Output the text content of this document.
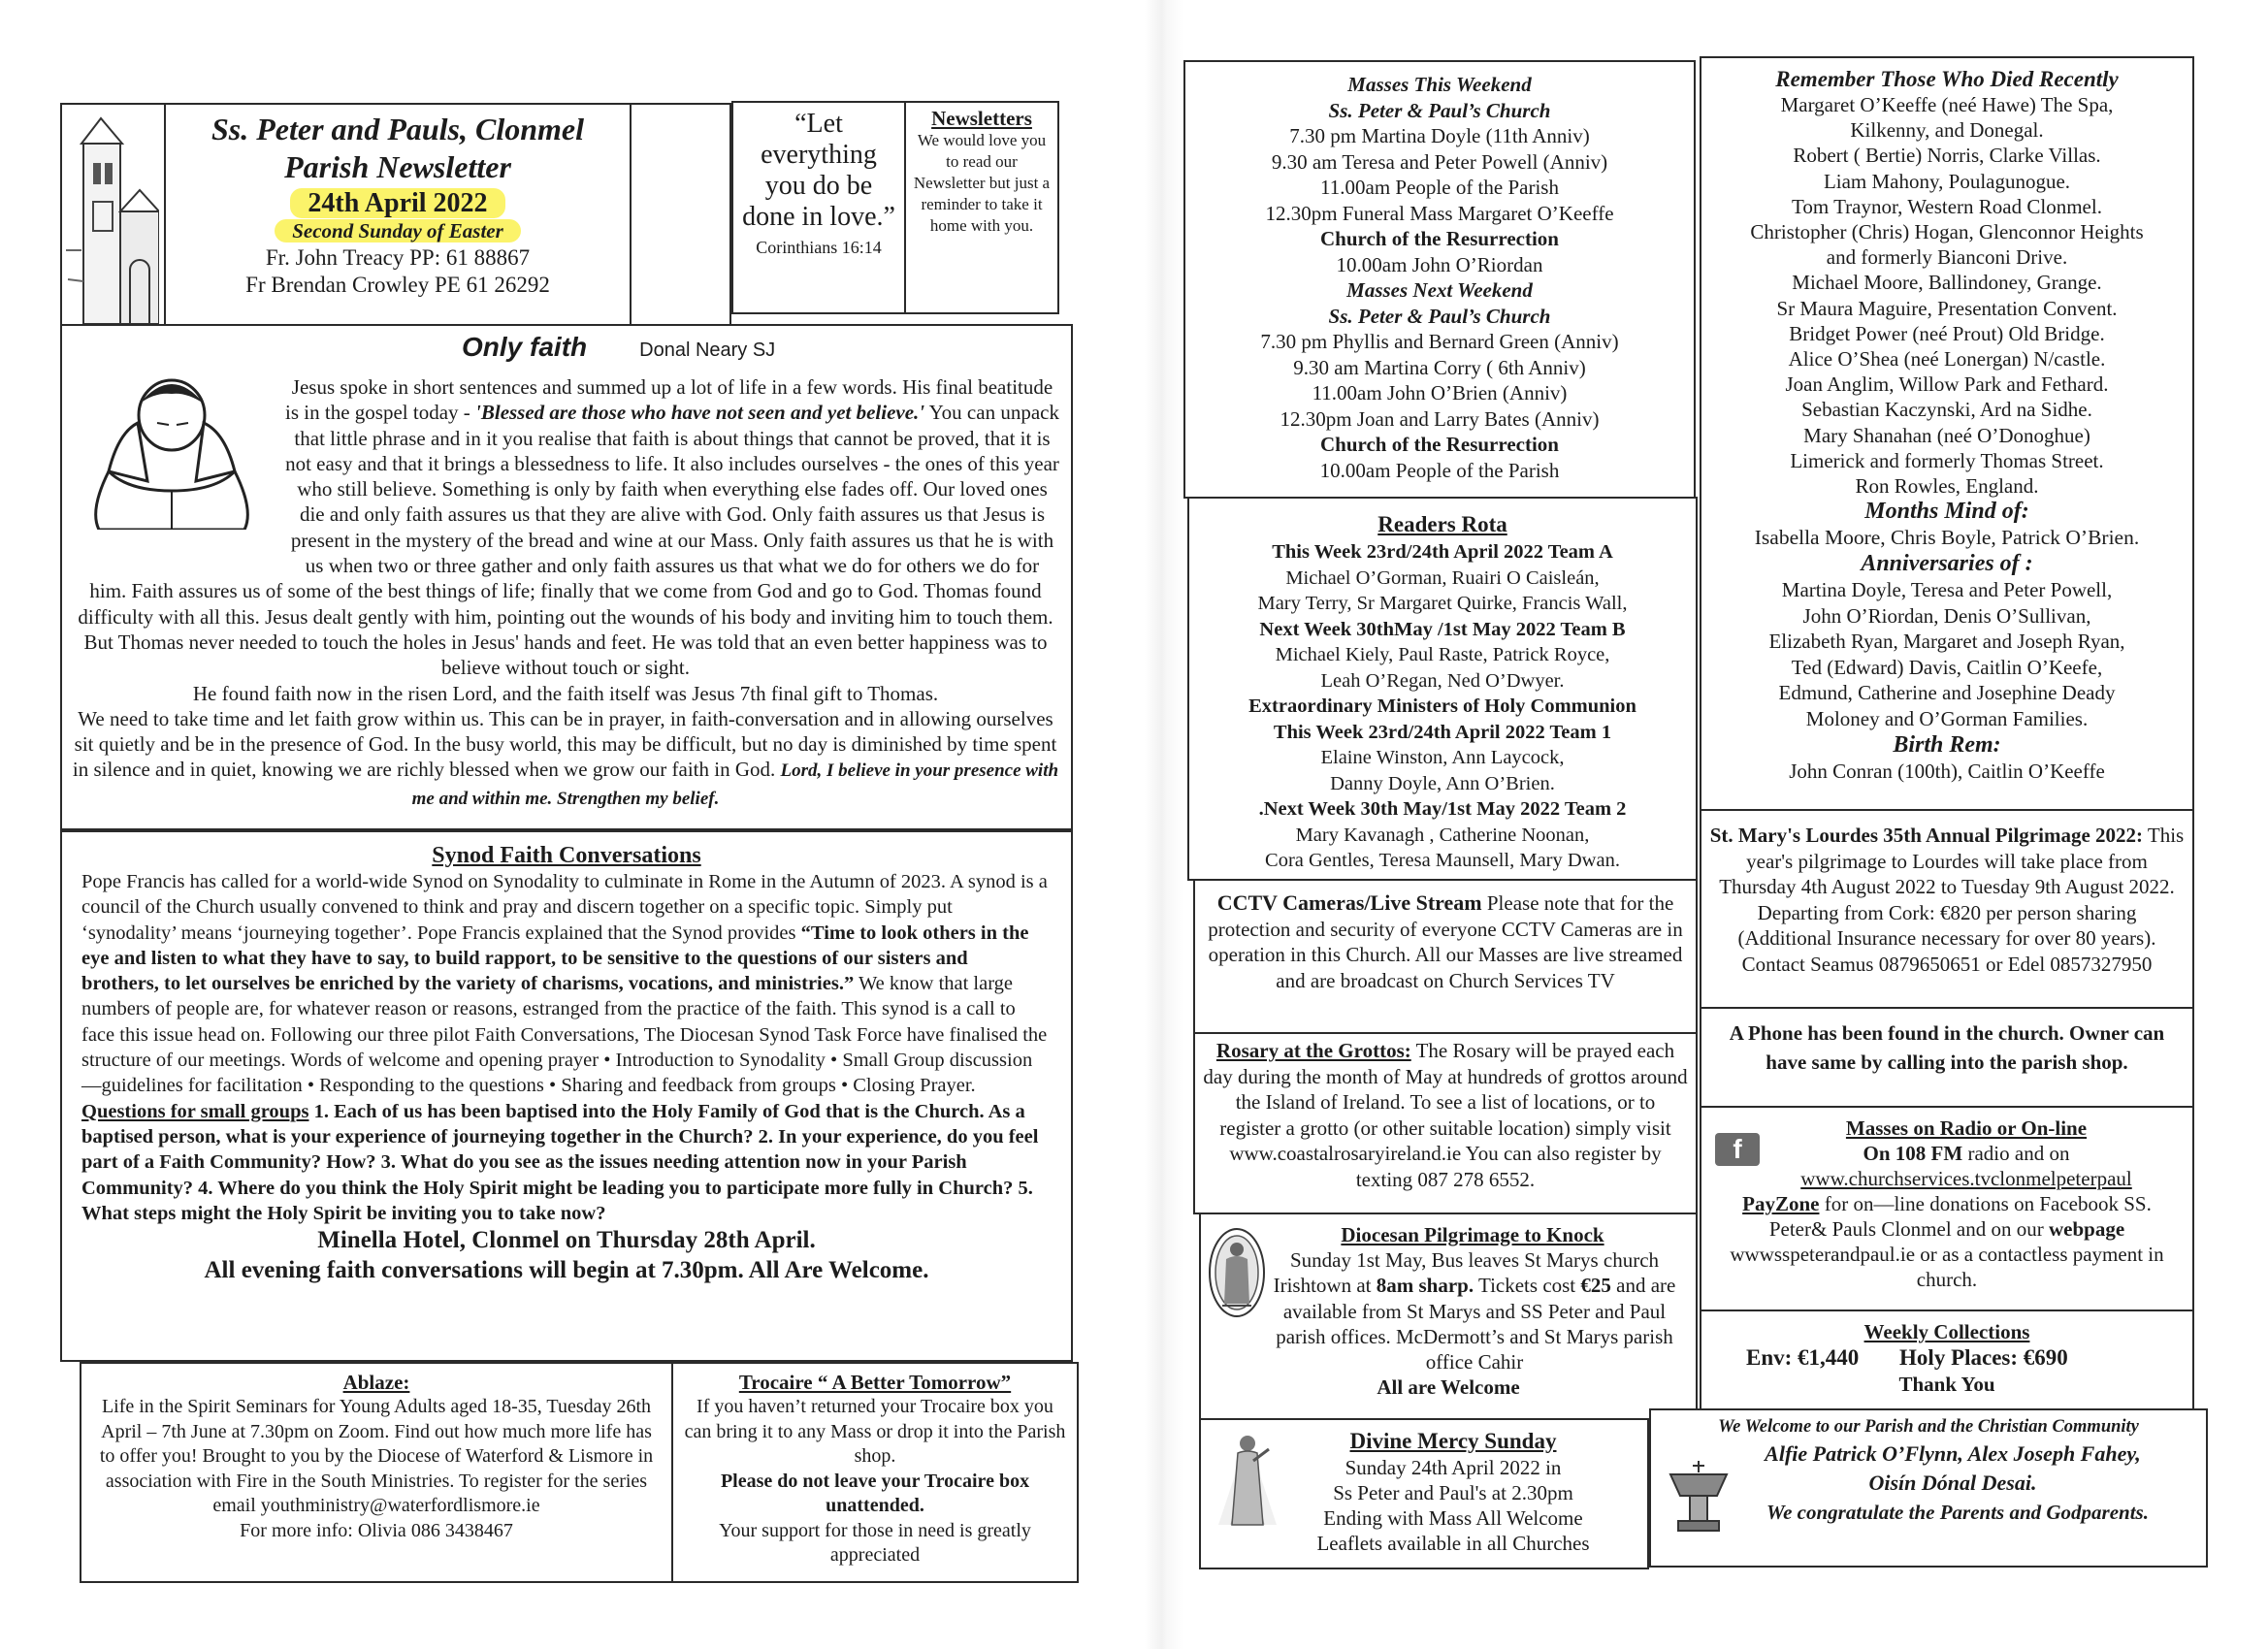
Ss. Peter and Pauls, Clonmel
Parish Newsletter
24th April 2022
Second Sunday of Easter
Fr. John Treacy PP: 61 88867
Fr Brendan Crowley PE 61 26292
“Let everything you do be done in love.”
Corinthians 16:14
Newsletters
We would love you to read our Newsletter but just a reminder to take it home with you.
Only faith	Donal Neary SJ
Jesus spoke in short sentences and summed up a lot of life in a few words. His final beatitude is in the gospel today - 'Blessed are those who have not seen and yet believe.' You can unpack that little phrase and in it you realise that faith is about things that cannot be proved, that it is not easy and that it brings a blessedness to life. It also includes ourselves - the ones of this year who still believe. Something is only by faith when everything else fades off. Our loved ones die and only faith assures us that they are alive with God. Only faith assures us that Jesus is present in the mystery of the bread and wine at our Mass. Only faith assures us that he is with us when two or three gather and only faith assures us that what we do for others we do for him. Faith assures us of some of the best things of life; finally that we come from God and go to God. Thomas found difficulty with all this. Jesus dealt gently with him, pointing out the wounds of his body and inviting him to touch them. But Thomas never needed to touch the holes in Jesus' hands and feet. He was told that an even better happiness was to believe without touch or sight.
He found faith now in the risen Lord, and the faith itself was Jesus 7th final gift to Thomas.
We need to take time and let faith grow within us. This can be in prayer, in faith-conversation and in allowing ourselves sit quietly and be in the presence of God. In the busy world, this may be difficult, but no day is diminished by time spent in silence and in quiet, knowing we are richly blessed when we grow our faith in God. Lord, I believe in your presence with me and within me. Strengthen my belief.
Synod Faith Conversations
Pope Francis has called for a world-wide Synod on Synodality to culminate in Rome in the Autumn of 2023. A synod is a council of the Church usually convened to think and pray and discern together on a specific topic. Simply put ‘synodality’ means ‘journeying together’. Pope Francis explained that the Synod provides “Time to look others in the eye and listen to what they have to say, to build rapport, to be sensitive to the questions of our sisters and brothers, to let ourselves be enriched by the variety of charisms, vocations, and ministries.” We know that large numbers of people are, for whatever reason or reasons, estranged from the practice of the faith. This synod is a call to face this issue head on. Following our three pilot Faith Conversations, The Diocesan Synod Task Force have finalised the structure of our meetings. Words of welcome and opening prayer • Introduction to Synodality • Small Group discussion—guidelines for facilitation • Responding to the questions • Sharing and feedback from groups • Closing Prayer. Questions for small groups 1. Each of us has been baptised into the Holy Family of God that is the Church. As a baptised person, what is your experience of journeying together in the Church? 2. In your experience, do you feel part of a Faith Community? How? 3. What do you see as the issues needing attention now in your Parish Community? 4. Where do you think the Holy Spirit might be leading you to participate more fully in Church? 5. What steps might the Holy Spirit be inviting you to take now?
Minella Hotel, Clonmel on Thursday 28th April.
All evening faith conversations will begin at 7.30pm. All Are Welcome.
Ablaze:
Life in the Spirit Seminars for Young Adults aged 18-35, Tuesday 26th April – 7th June at 7.30pm on Zoom. Find out how much more life has to offer you! Brought to you by the Diocese of Waterford & Lismore in association with Fire in the South Ministries. To register for the series email youthministry@waterfordlismore.ie
For more info: Olivia 086 3438467
Trocaire “ A Better Tomorrow”
If you haven’t returned your Trocaire box you can bring it to any Mass or drop it into the Parish shop.
Please do not leave your Trocaire box unattended.
Your support for those in need is greatly appreciated
Masses This Weekend
Ss. Peter & Paul’s Church
7.30 pm Martina Doyle (11th Anniv)
9.30 am Teresa and Peter Powell (Anniv)
11.00am People of the Parish
12.30pm Funeral Mass Margaret O’Keeffe
Church of the Resurrection
10.00am John O’Riordan
Masses Next Weekend
Ss. Peter & Paul’s Church
7.30 pm Phyllis and Bernard Green (Anniv)
9.30 am Martina Corry ( 6th Anniv)
11.00am John O’Brien (Anniv)
12.30pm Joan and Larry Bates (Anniv)
Church of the Resurrection
10.00am People of the Parish
Readers Rota
This Week 23rd/24th April 2022 Team A
Michael O’Gorman, Ruairi O Caisleán,
Mary Terry, Sr Margaret Quirke, Francis Wall,
Next Week 30thMay /1st May 2022 Team B
Michael Kiely, Paul Raste, Patrick Royce,
Leah O’Regan, Ned O’Dwyer.
Extraordinary Ministers of Holy Communion
This Week 23rd/24th April 2022 Team 1
Elaine Winston, Ann Laycock,
Danny Doyle, Ann O’Brien.
.Next Week 30th May/1st May 2022 Team 2
Mary Kavanagh , Catherine Noonan,
Cora Gentles, Teresa Maunsell, Mary Dwan.
CCTV Cameras/Live Stream Please note that for the protection and security of everyone CCTV Cameras are in operation in this Church. All our Masses are live streamed and are broadcast on Church Services TV
Rosary at the Grottos: The Rosary will be prayed each day during the month of May at hundreds of grottos around the Island of Ireland. To see a list of locations, or to register a grotto (or other suitable location) simply visit www.coastalrosaryireland.ie You can also register by texting 087 278 6552.
Diocesan Pilgrimage to Knock
Sunday 1st May, Bus leaves St Marys church Irishtown at 8am sharp. Tickets cost €25 and are available from St Marys and SS Peter and Paul parish offices. McDermott’s and St Marys parish office Cahir
All are Welcome
Divine Mercy Sunday
Sunday 24th April 2022 in
Ss Peter and Paul's at 2.30pm
Ending with Mass All Welcome
Leaflets available in all Churches
Remember Those Who Died Recently
Margaret O’Keeffe (neé Hawe) The Spa,
Kilkenny, and Donegal.
Robert ( Bertie) Norris, Clarke Villas.
Liam Mahony, Poulagunogue.
Tom Traynor, Western Road Clonmel.
Christopher (Chris) Hogan, Glenconnor Heights
and formerly Bianconi Drive.
Michael Moore, Ballindoney, Grange.
Sr Maura Maguire, Presentation Convent.
Bridget Power (neé Prout) Old Bridge.
Alice O’Shea (neé Lonergan) N/castle.
Joan Anglim, Willow Park and Fethard.
Sebastian Kaczynski, Ard na Sidhe.
Mary Shanahan (neé O’Donoghue)
Limerick and formerly Thomas Street.
Ron Rowles, England.
Months Mind of:
Isabella Moore, Chris Boyle, Patrick O’Brien.
Anniversaries of :
Martina Doyle, Teresa and Peter Powell,
John O’Riordan, Denis O’Sullivan,
Elizabeth Ryan, Margaret and Joseph Ryan,
Ted (Edward) Davis, Caitlin O’Keefe,
Edmund, Catherine and Josephine Deady
Moloney and O’Gorman Families.
Birth Rem:
John Conran (100th), Caitlin O’Keeffe
St. Mary's Lourdes 35th Annual Pilgrimage 2022: This year's pilgrimage to Lourdes will take place from Thursday 4th August 2022 to Tuesday 9th August 2022. Departing from Cork: €820 per person sharing (Additional Insurance necessary for over 80 years). Contact Seamus 0879650651 or Edel 0857327950
A Phone has been found in the church. Owner can have same by calling into the parish shop.
f
Masses on Radio or On-line
On 108 FM radio and on
www.churchservices.tvclonmelpeterpaul
PayZone for on—line donations on Facebook SS. Peter& Pauls Clonmel and on our webpage wwwsspeterandpaul.ie or as a contactless payment in church.
Weekly Collections
Env: €1,440 Holy Places: €690
Thank You
We Welcome to our Parish and the Christian Community
Alfie Patrick O’Flynn, Alex Joseph Fahey,
Oisín Dónal Desai.
We congratulate the Parents and Godparents.
